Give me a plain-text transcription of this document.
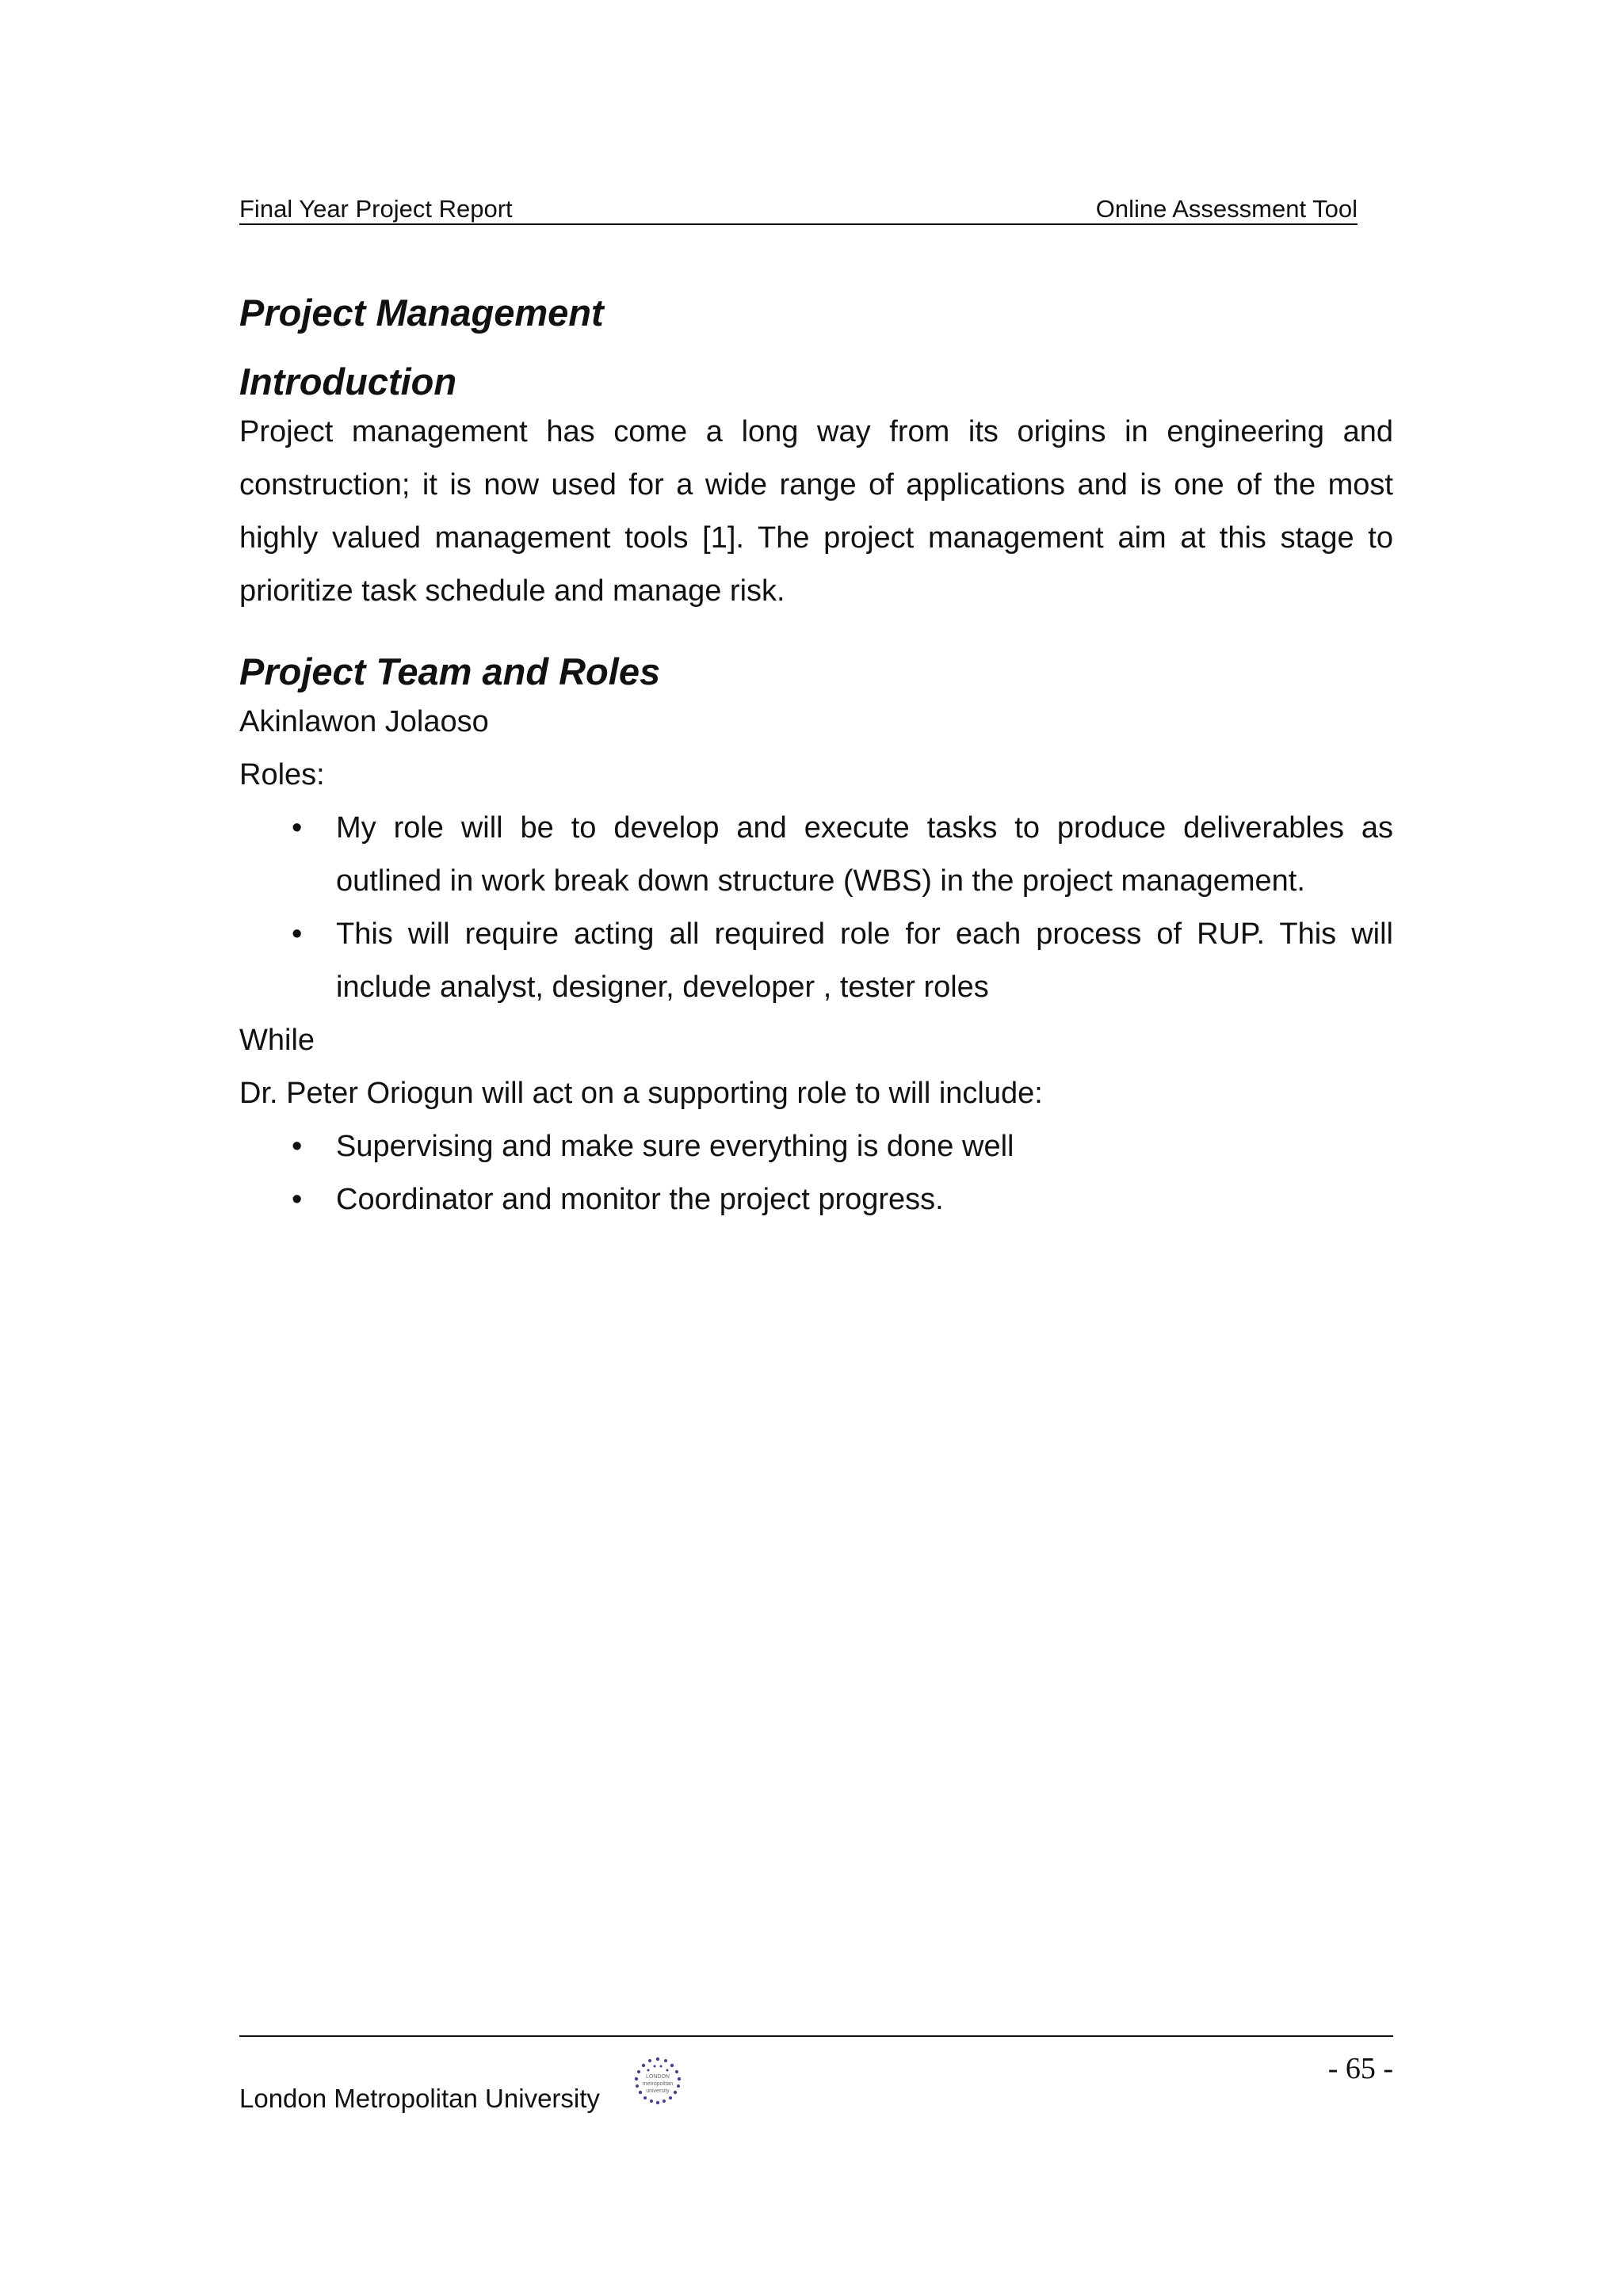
Final Year Project Report	Online Assessment Tool
Project Management
Introduction

Project management has come a long way from its origins in engineering and construction; it is now used for a wide range of applications and is one of the most highly valued management tools [1]. The project management aim at this stage to prioritize task schedule and manage risk.

Project Team and Roles
Akinlawon Jolaoso
Roles:
• My role will be to develop and execute tasks to produce deliverables as outlined in work break down structure (WBS) in the project management.
• This will require acting all required role for each process of RUP. This will include analyst, designer, developer , tester roles
While
Dr. Peter Oriogun will act on a supporting role to will include:
• Supervising and make sure everything is done well
• Coordinator and monitor the project progress.
London Metropolitan University
LONDON
metropolitan
university
- 65 -
